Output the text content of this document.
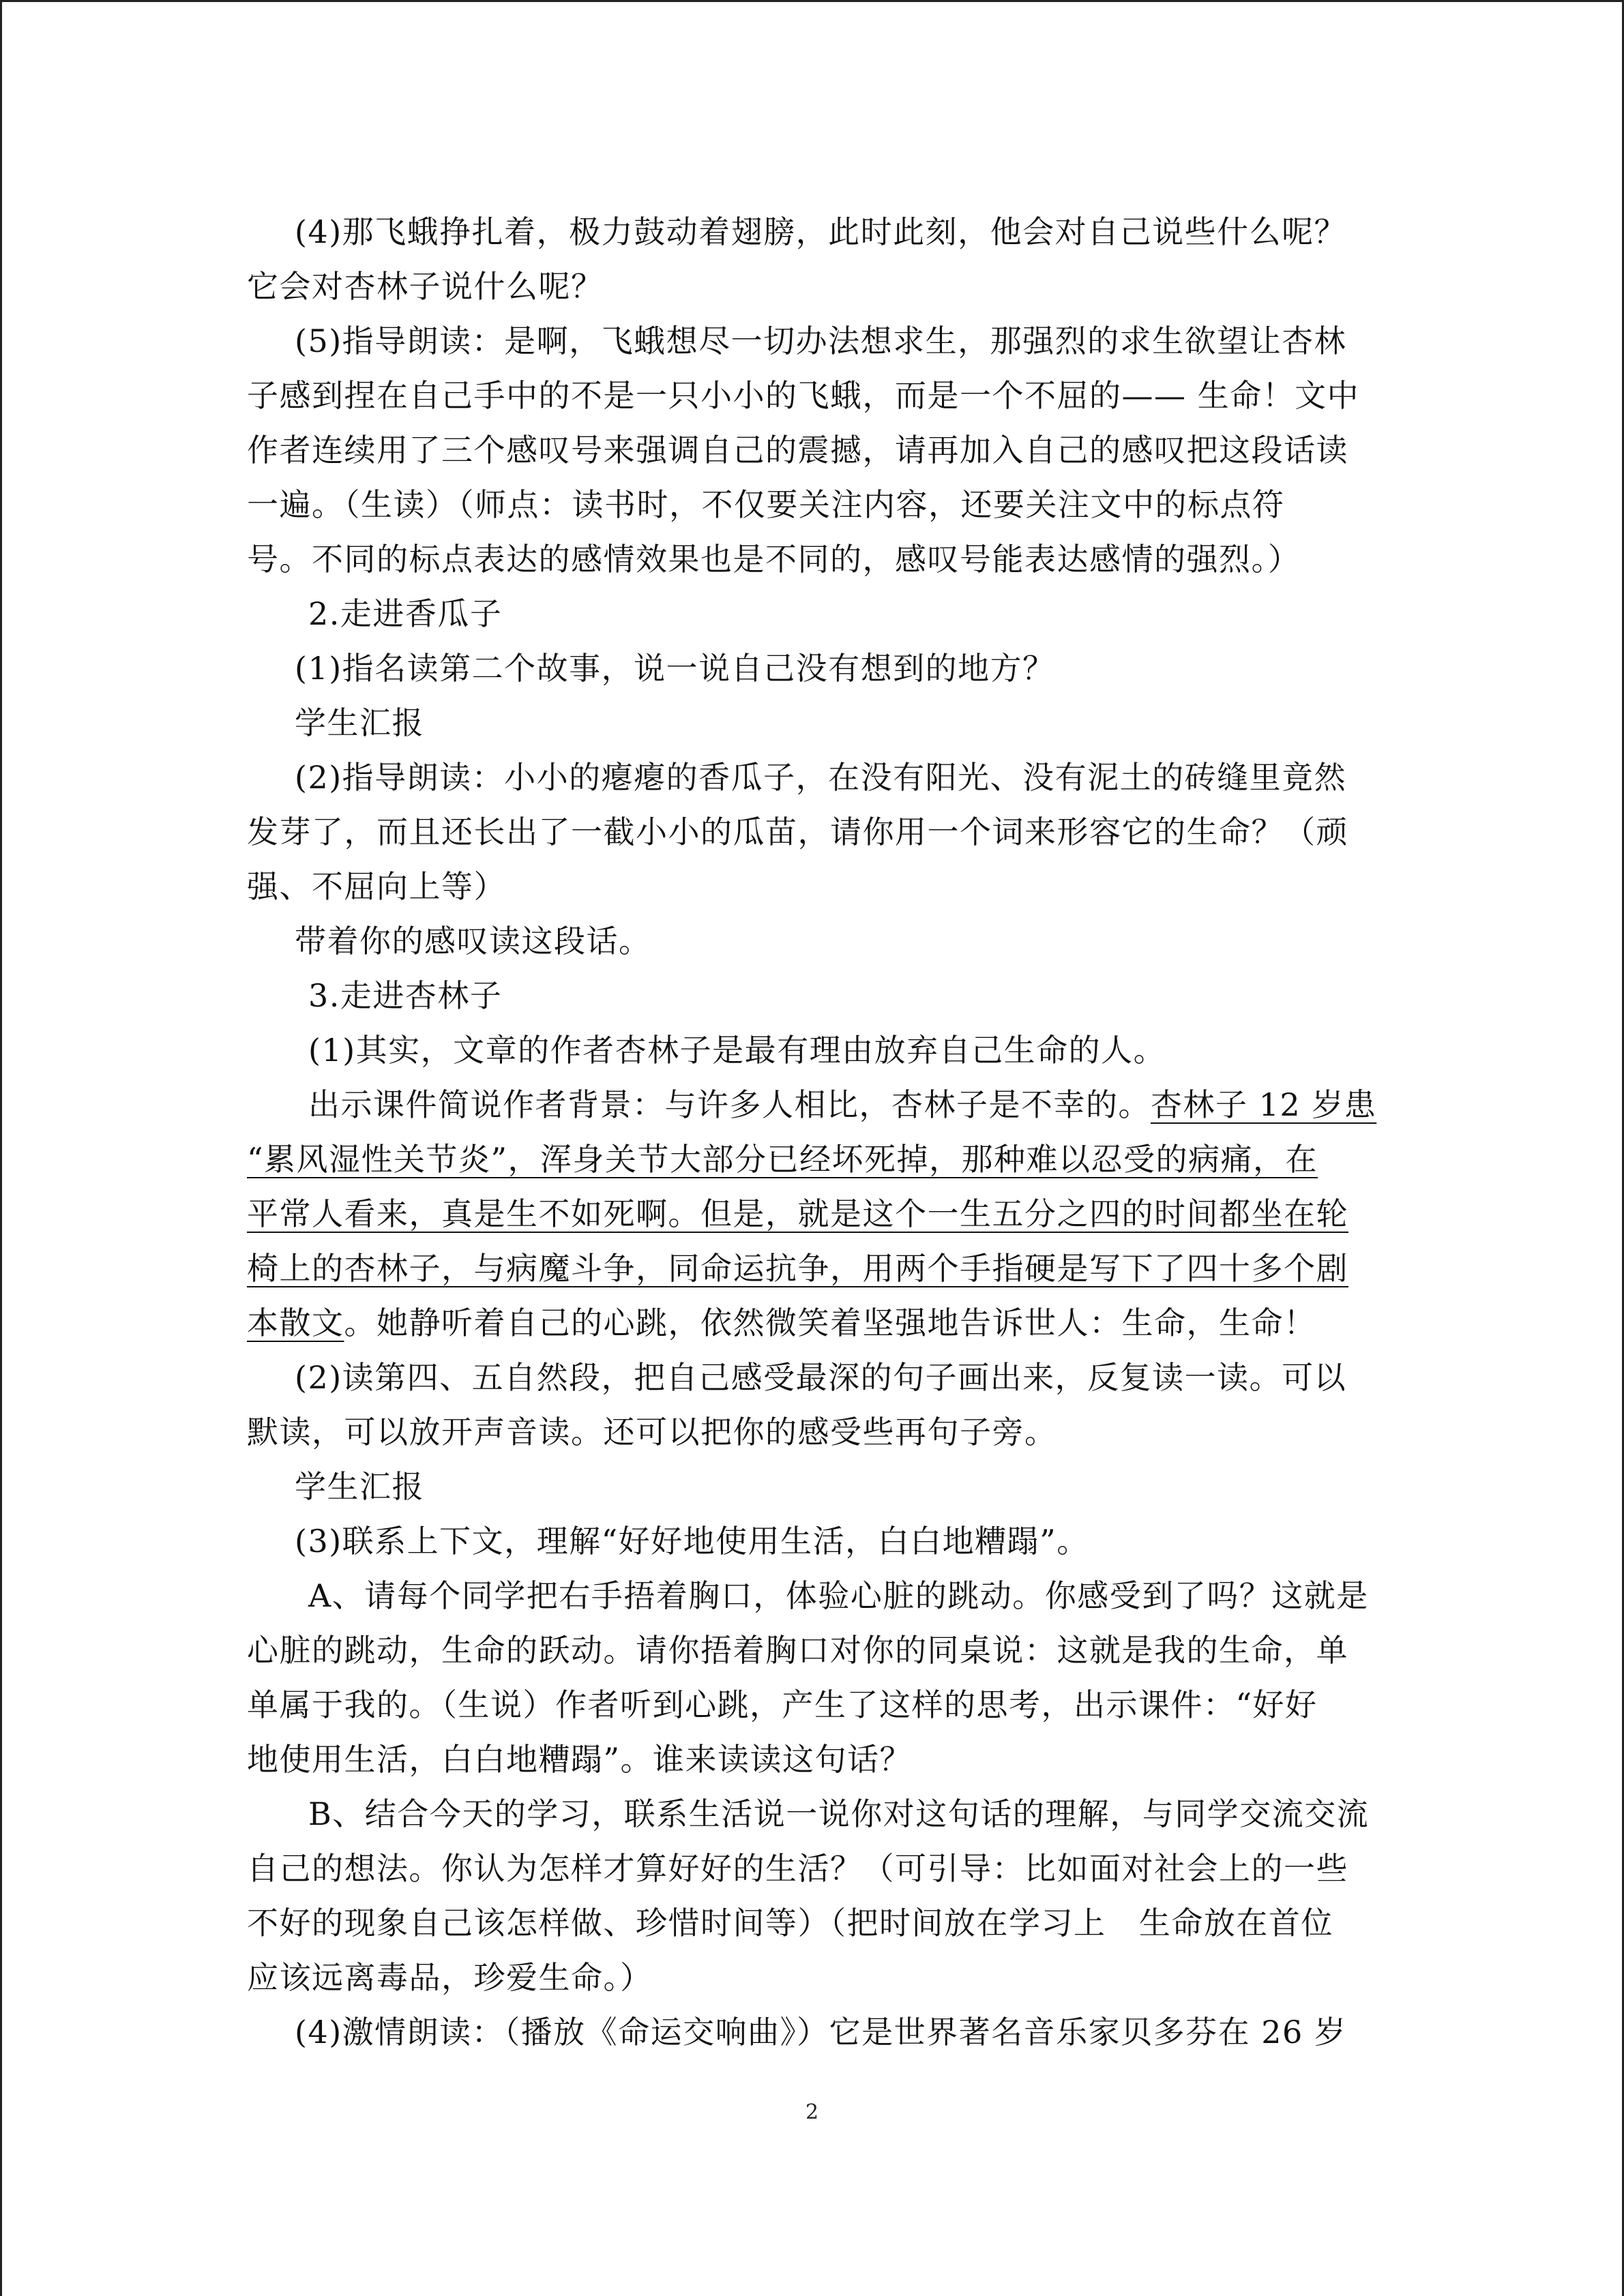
(4)那飞蛾挣扎着，极力鼓动着翅膀，此时此刻，他会对自己说些什么呢？
它会对杏林子说什么呢？
(5)指导朗读：是啊，飞蛾想尽一切办法想求生，那强烈的求生欲望让杏林
子感到捏在自己手中的不是一只小小的飞蛾，而是一个不屈的—— 生命！文中
作者连续用了三个感叹号来强调自己的震撼，请再加入自己的感叹把这段话读
一遍。（生读）（师点：读书时，不仅要关注内容，还要关注文中的标点符
号。不同的标点表达的感情效果也是不同的，感叹号能表达感情的强烈。）
2.走进香瓜子
(1)指名读第二个故事，说一说自己没有想到的地方？
学生汇报
(2)指导朗读：小小的瘪瘪的香瓜子，在没有阳光、没有泥土的砖缝里竟然
发芽了，而且还长出了一截小小的瓜苗，请你用一个词来形容它的生命？（顽
强、不屈向上等）
带着你的感叹读这段话。
3.走进杏林子
(1)其实，文章的作者杏林子是最有理由放弃自己生命的人。
出示课件简说作者背景：与许多人相比，杏林子是不幸的。杏林子 12 岁患
“累风湿性关节炎”，浑身关节大部分已经坏死掉，那种难以忍受的病痛，在
平常人看来，真是生不如死啊。但是，就是这个一生五分之四的时间都坐在轮
椅上的杏林子，与病魔斗争，同命运抗争，用两个手指硬是写下了四十多个剧
本散文。她静听着自己的心跳，依然微笑着坚强地告诉世人：生命，生命！
(2)读第四、五自然段，把自己感受最深的句子画出来，反复读一读。可以
默读，可以放开声音读。还可以把你的感受些再句子旁。
学生汇报
(3)联系上下文，理解“好好地使用生活，白白地糟蹋”。
A、请每个同学把右手捂着胸口，体验心脏的跳动。你感受到了吗？这就是
心脏的跳动，生命的跃动。请你捂着胸口对你的同桌说：这就是我的生命，单
单属于我的。（生说）作者听到心跳，产生了这样的思考，出示课件：“好好
地使用生活，白白地糟蹋”。谁来读读这句话？
B、结合今天的学习，联系生活说一说你对这句话的理解，与同学交流交流
自己的想法。你认为怎样才算好好的生活？（可引导：比如面对社会上的一些
不好的现象自己该怎样做、珍惜时间等）（把时间放在学习上   生命放在首位
应该远离毒品，珍爱生命。）
(4)激情朗读：（播放《命运交响曲》）它是世界著名音乐家贝多芬在 26 岁
2
